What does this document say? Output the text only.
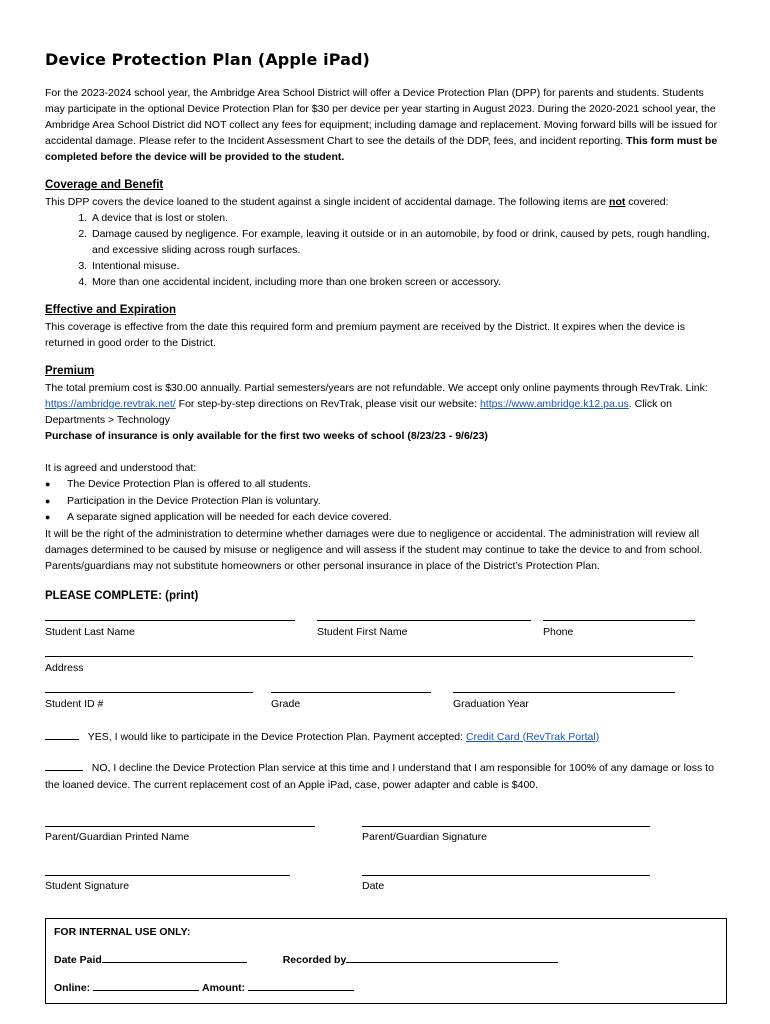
Device Protection Plan (Apple iPad)

For the 2023-2024 school year, the Ambridge Area School District will offer a Device Protection Plan (DPP) for parents and students. Students may participate in the optional Device Protection Plan for $30 per device per year starting in August 2023. During the 2020-2021 school year, the Ambridge Area School District did NOT collect any fees for equipment; including damage and replacement. Moving forward bills will be issued for accidental damage. Please refer to the Incident Assessment Chart to see the details of the DDP, fees, and incident reporting. This form must be completed before the device will be provided to the student.

Coverage and Benefit

This DPP covers the device loaned to the student against a single incident of accidental damage. The following items are not covered:

1. A device that is lost or stolen.
2. Damage caused by negligence. For example, leaving it outside or in an automobile, by food or drink, caused by pets, rough handling, and excessive sliding across rough surfaces.
3. Intentional misuse.
4. More than one accidental incident, including more than one broken screen or accessory.
Effective and Expiration

This coverage is effective from the date this required form and premium payment are received by the District. It expires when the device is returned in good order to the District.

Premium

The total premium cost is $30.00 annually. Partial semesters/years are not refundable. We accept only online payments through RevTrak. Link: https://ambridge.revtrak.net/ For step-by-step directions on RevTrak, please visit our website: https://www.ambridge.k12.pa.us. Click on Departments > Technology

Purchase of insurance is only available for the first two weeks of school (8/23/23 - 9/6/23)

It is agreed and understood that:

● The Device Protection Plan is offered to all students.
● Participation in the Device Protection Plan is voluntary.
● A separate signed application will be needed for each device covered.

It will be the right of the administration to determine whether damages were due to negligence or accidental. The administration will review all damages determined to be caused by misuse or negligence and will assess if the student may continue to take the device to and from school. Parents/guardians may not substitute homeowners or other personal insurance in place of the District’s Protection Plan.

PLEASE COMPLETE: (print)
Student Last Name	Student First Name	Phone
Address
Student ID #	Grade	Graduation Year

YES, I would like to participate in the Device Protection Plan. Payment accepted: Credit Card (RevTrak Portal)

NO, I decline the Device Protection Plan service at this time and I understand that I am responsible for 100% of any damage or loss to the loaned device. The current replacement cost of an Apple iPad, case, power adapter and cable is $400.

Parent/Guardian Printed Name	Parent/Guardian Signature
Student Signature	Date
FOR INTERNAL USE ONLY:
Date Paid	Recorded by
Online:	Amount:
